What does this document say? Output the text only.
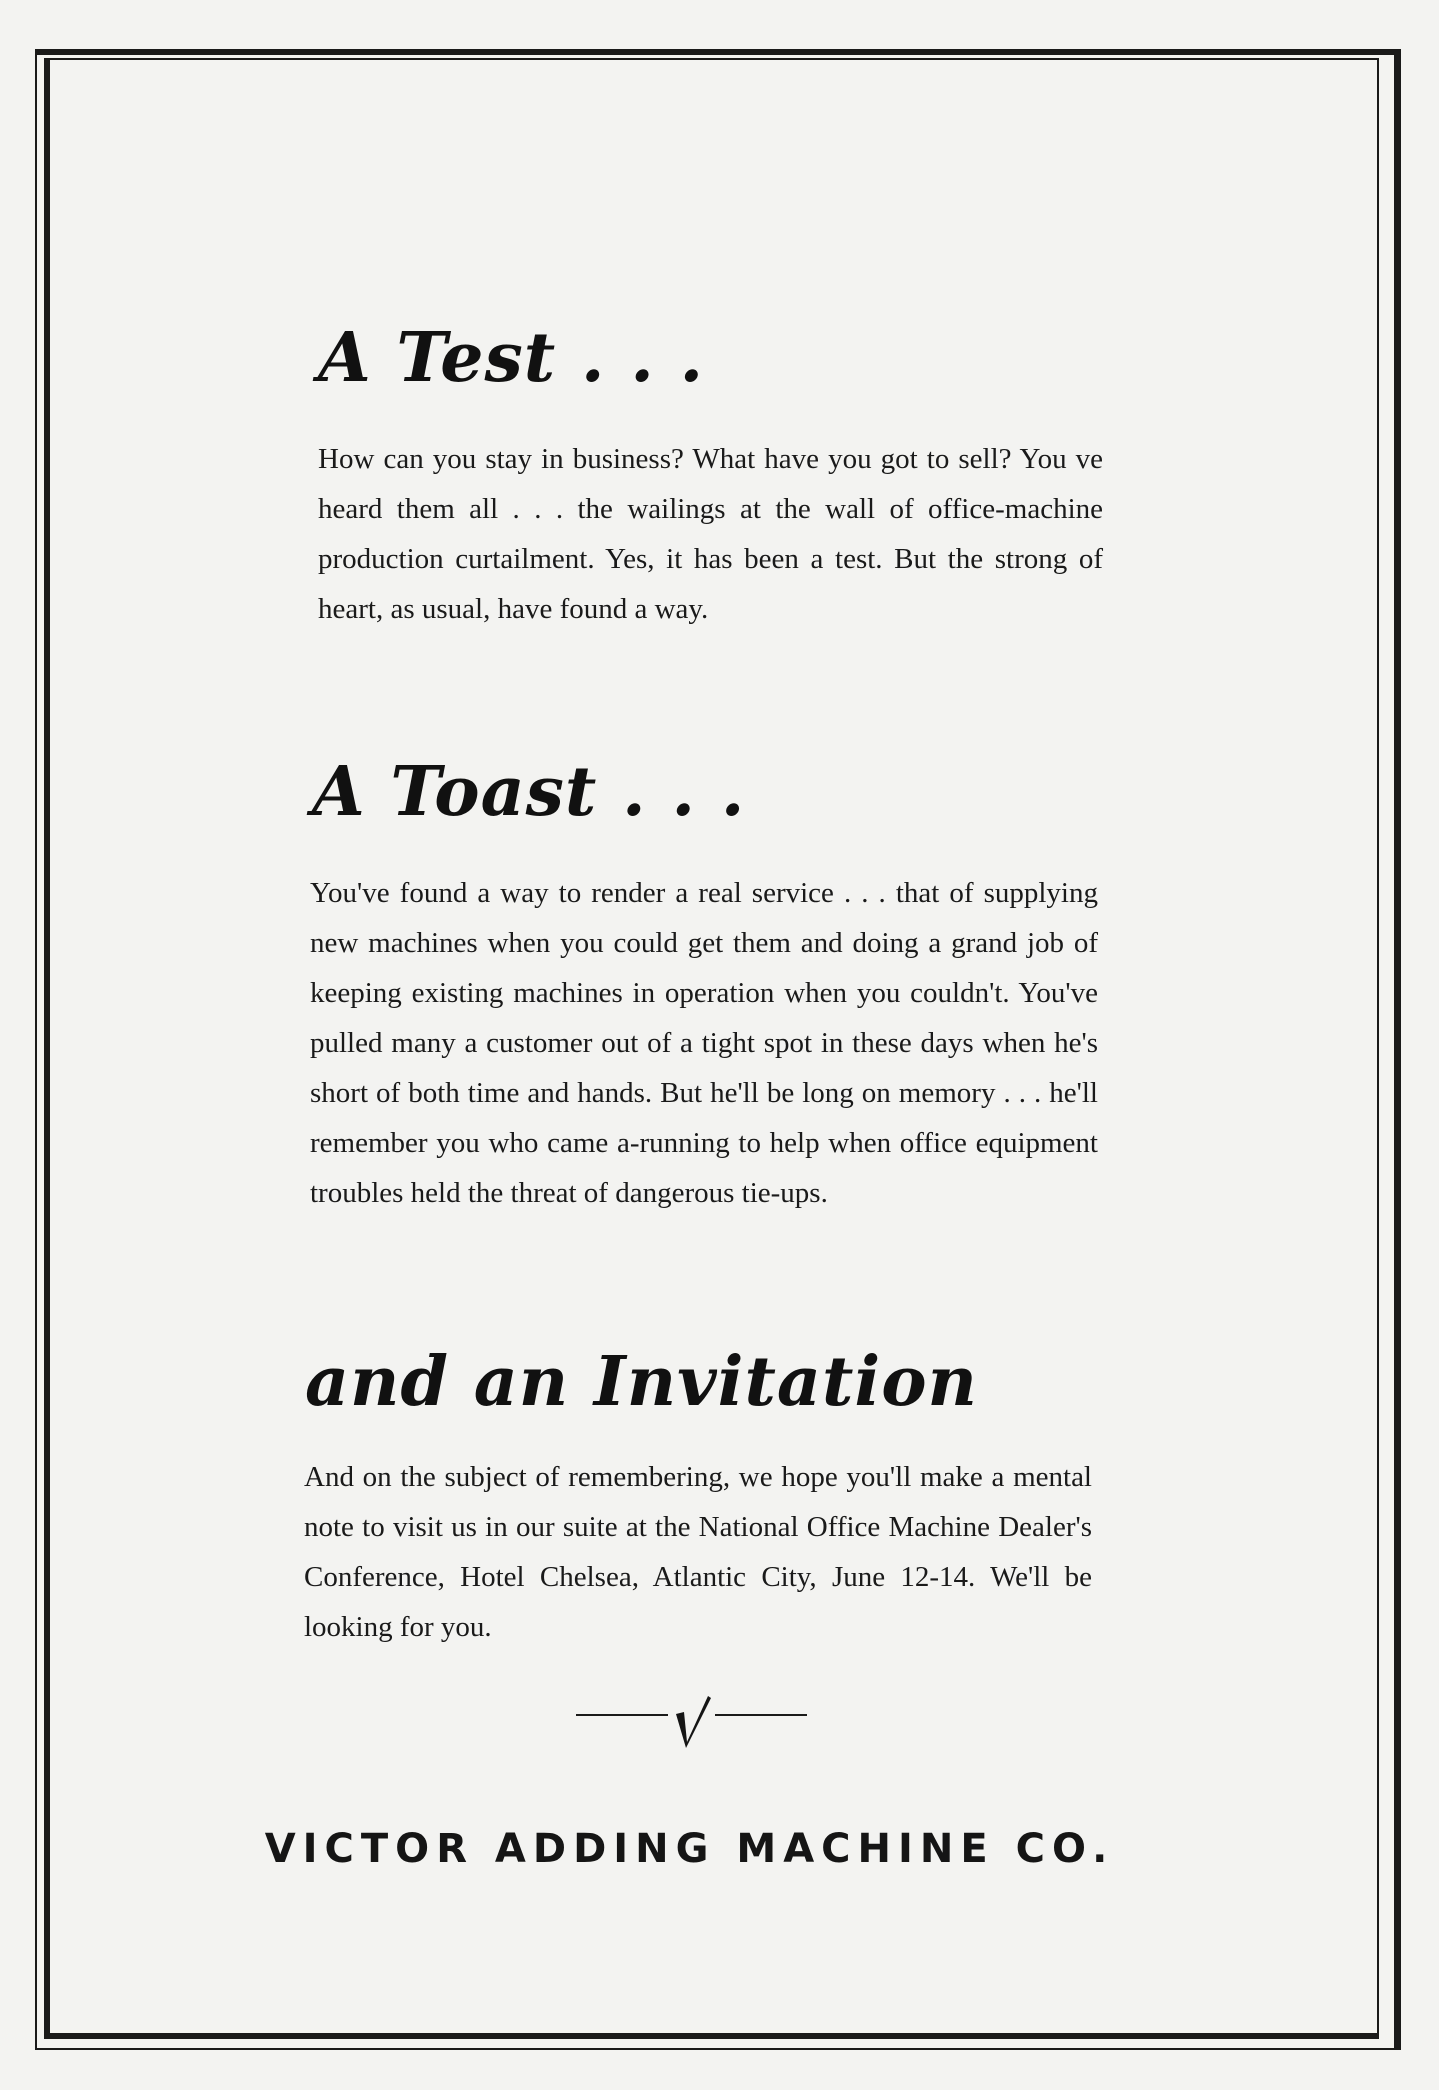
A Test . . .
How can you stay in business? What have you got to sell? You ve heard them all . . . the wailings at the wall of office-machine production curtailment. Yes, it has been a test. But the strong of heart, as usual, have found a way.
A Toast . . .
You've found a way to render a real service . . . that of supplying new machines when you could get them and doing a grand job of keeping existing machines in operation when you couldn't. You've pulled many a customer out of a tight spot in these days when he's short of both time and hands. But he'll be long on memory . . . he'll remember you who came a-running to help when office equipment troubles held the threat of dangerous tie-ups.
and an Invitation
And on the subject of remembering, we hope you'll make a mental note to visit us in our suite at the National Office Machine Dealer's Conference, Hotel Chelsea, Atlantic City, June 12-14. We'll be looking for you.
VICTOR ADDING MACHINE CO.
